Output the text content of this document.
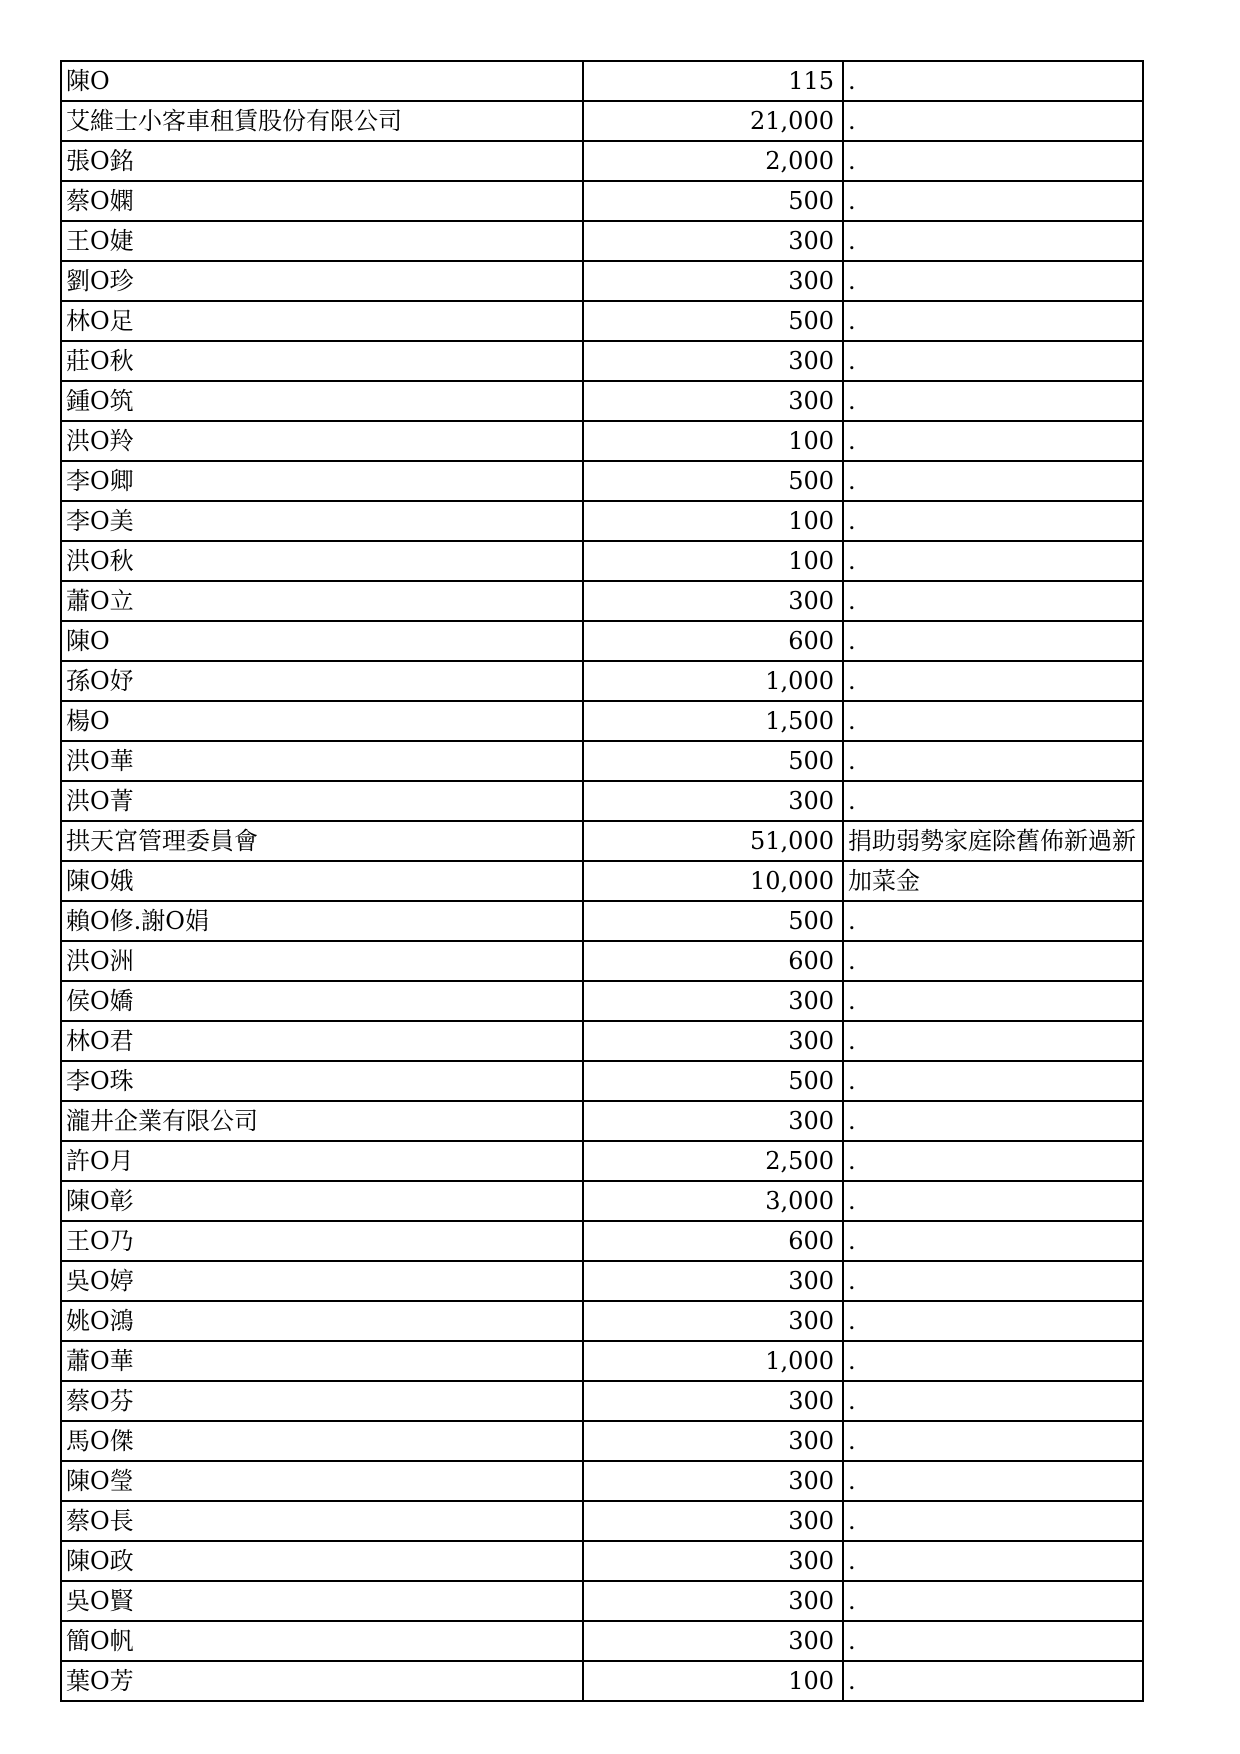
陳O	115	.
艾維士小客車租賃股份有限公司	21,000	.
張O銘	2,000	.
蔡O嫻	500	.
王O婕	300	.
劉O珍	300	.
林O足	500	.
莊O秋	300	.
鍾O筑	300	.
洪O羚	100	.
李O卿	500	.
李O美	100	.
洪O秋	100	.
蕭O立	300	.
陳O	600	.
孫O妤	1,000	.
楊O	1,500	.
洪O華	500	.
洪O菁	300	.
拱天宮管理委員會	51,000	捐助弱勢家庭除舊佈新過新
陳O娥	10,000	加菜金
賴O修.謝O娟	500	.
洪O洲	600	.
侯O嬌	300	.
林O君	300	.
李O珠	500	.
瀧井企業有限公司	300	.
許O月	2,500	.
陳O彰	3,000	.
王O乃	600	.
吳O婷	300	.
姚O鴻	300	.
蕭O華	1,000	.
蔡O芬	300	.
馬O傑	300	.
陳O瑩	300	.
蔡O長	300	.
陳O政	300	.
吳O賢	300	.
簡O帆	300	.
葉O芳	100	.
